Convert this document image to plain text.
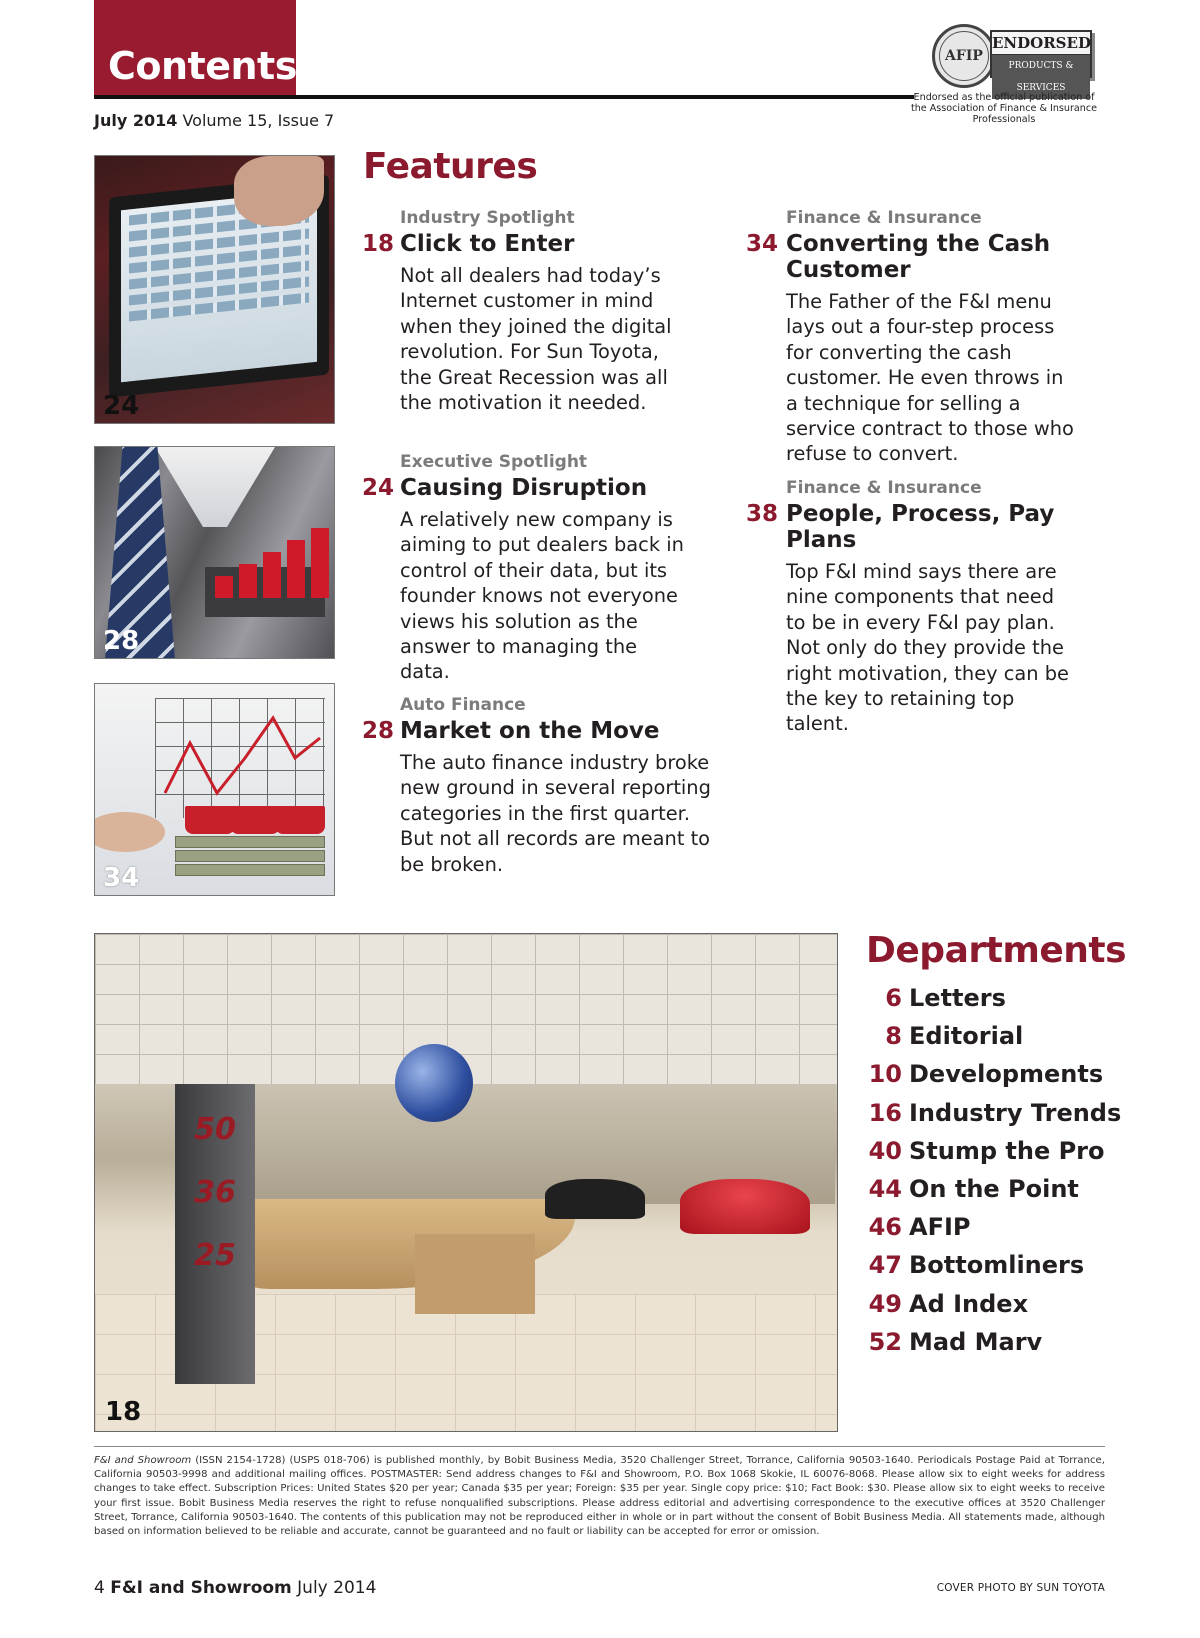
Contents
July 2014 Volume 15, Issue 7
AFIP
ENDORSED
PRODUCTS & SERVICES
Endorsed as the official publication of the Association of Finance & Insurance Professionals
24
28
34
Features
Industry Spotlight
18 Click to Enter
Not all dealers had today’s Internet customer in mind when they joined the digital revolution. For Sun Toyota, the Great Recession was all the motivation it needed.
Executive Spotlight
24 Causing Disruption
A relatively new company is aiming to put dealers back in control of their data, but its founder knows not everyone views his solution as the answer to managing the data.
Auto Finance
28 Market on the Move
The auto finance industry broke new ground in several reporting categories in the first quarter. But not all records are meant to be broken.
Finance & Insurance
34 Converting the Cash Customer
The Father of the F&I menu lays out a four-step process for converting the cash customer. He even throws in a technique for selling a service contract to those who refuse to convert.
Finance & Insurance
38 People, Process, Pay Plans
Top F&I mind says there are nine components that need to be in every F&I pay plan. Not only do they provide the right motivation, they can be the key to retaining top talent.
50
36
25
18
Departments
6 Letters
8 Editorial
10 Developments
16 Industry Trends
40 Stump the Pro
44 On the Point
46 AFIP
47 Bottomliners
49 Ad Index
52 Mad Marv
F&I and Showroom (ISSN 2154-1728) (USPS 018-706) is published monthly, by Bobit Business Media, 3520 Challenger Street, Torrance, California 90503-1640. Periodicals Postage Paid at Torrance, California 90503-9998 and additional mailing offices. POSTMASTER: Send address changes to F&I and Showroom, P.O. Box 1068 Skokie, IL 60076-8068. Please allow six to eight weeks for address changes to take effect. Subscription Prices: United States $20 per year; Canada $35 per year; Foreign: $35 per year. Single copy price: $10; Fact Book: $30. Please allow six to eight weeks to receive your first issue. Bobit Business Media reserves the right to refuse nonqualified subscriptions. Please address editorial and advertising correspondence to the executive offices at 3520 Challenger Street, Torrance, California 90503-1640. The contents of this publication may not be reproduced either in whole or in part without the consent of Bobit Business Media. All statements made, although based on information believed to be reliable and accurate, cannot be guaranteed and no fault or liability can be accepted for error or omission.
4 F&I and Showroom July 2014	COVER PHOTO BY SUN TOYOTA
